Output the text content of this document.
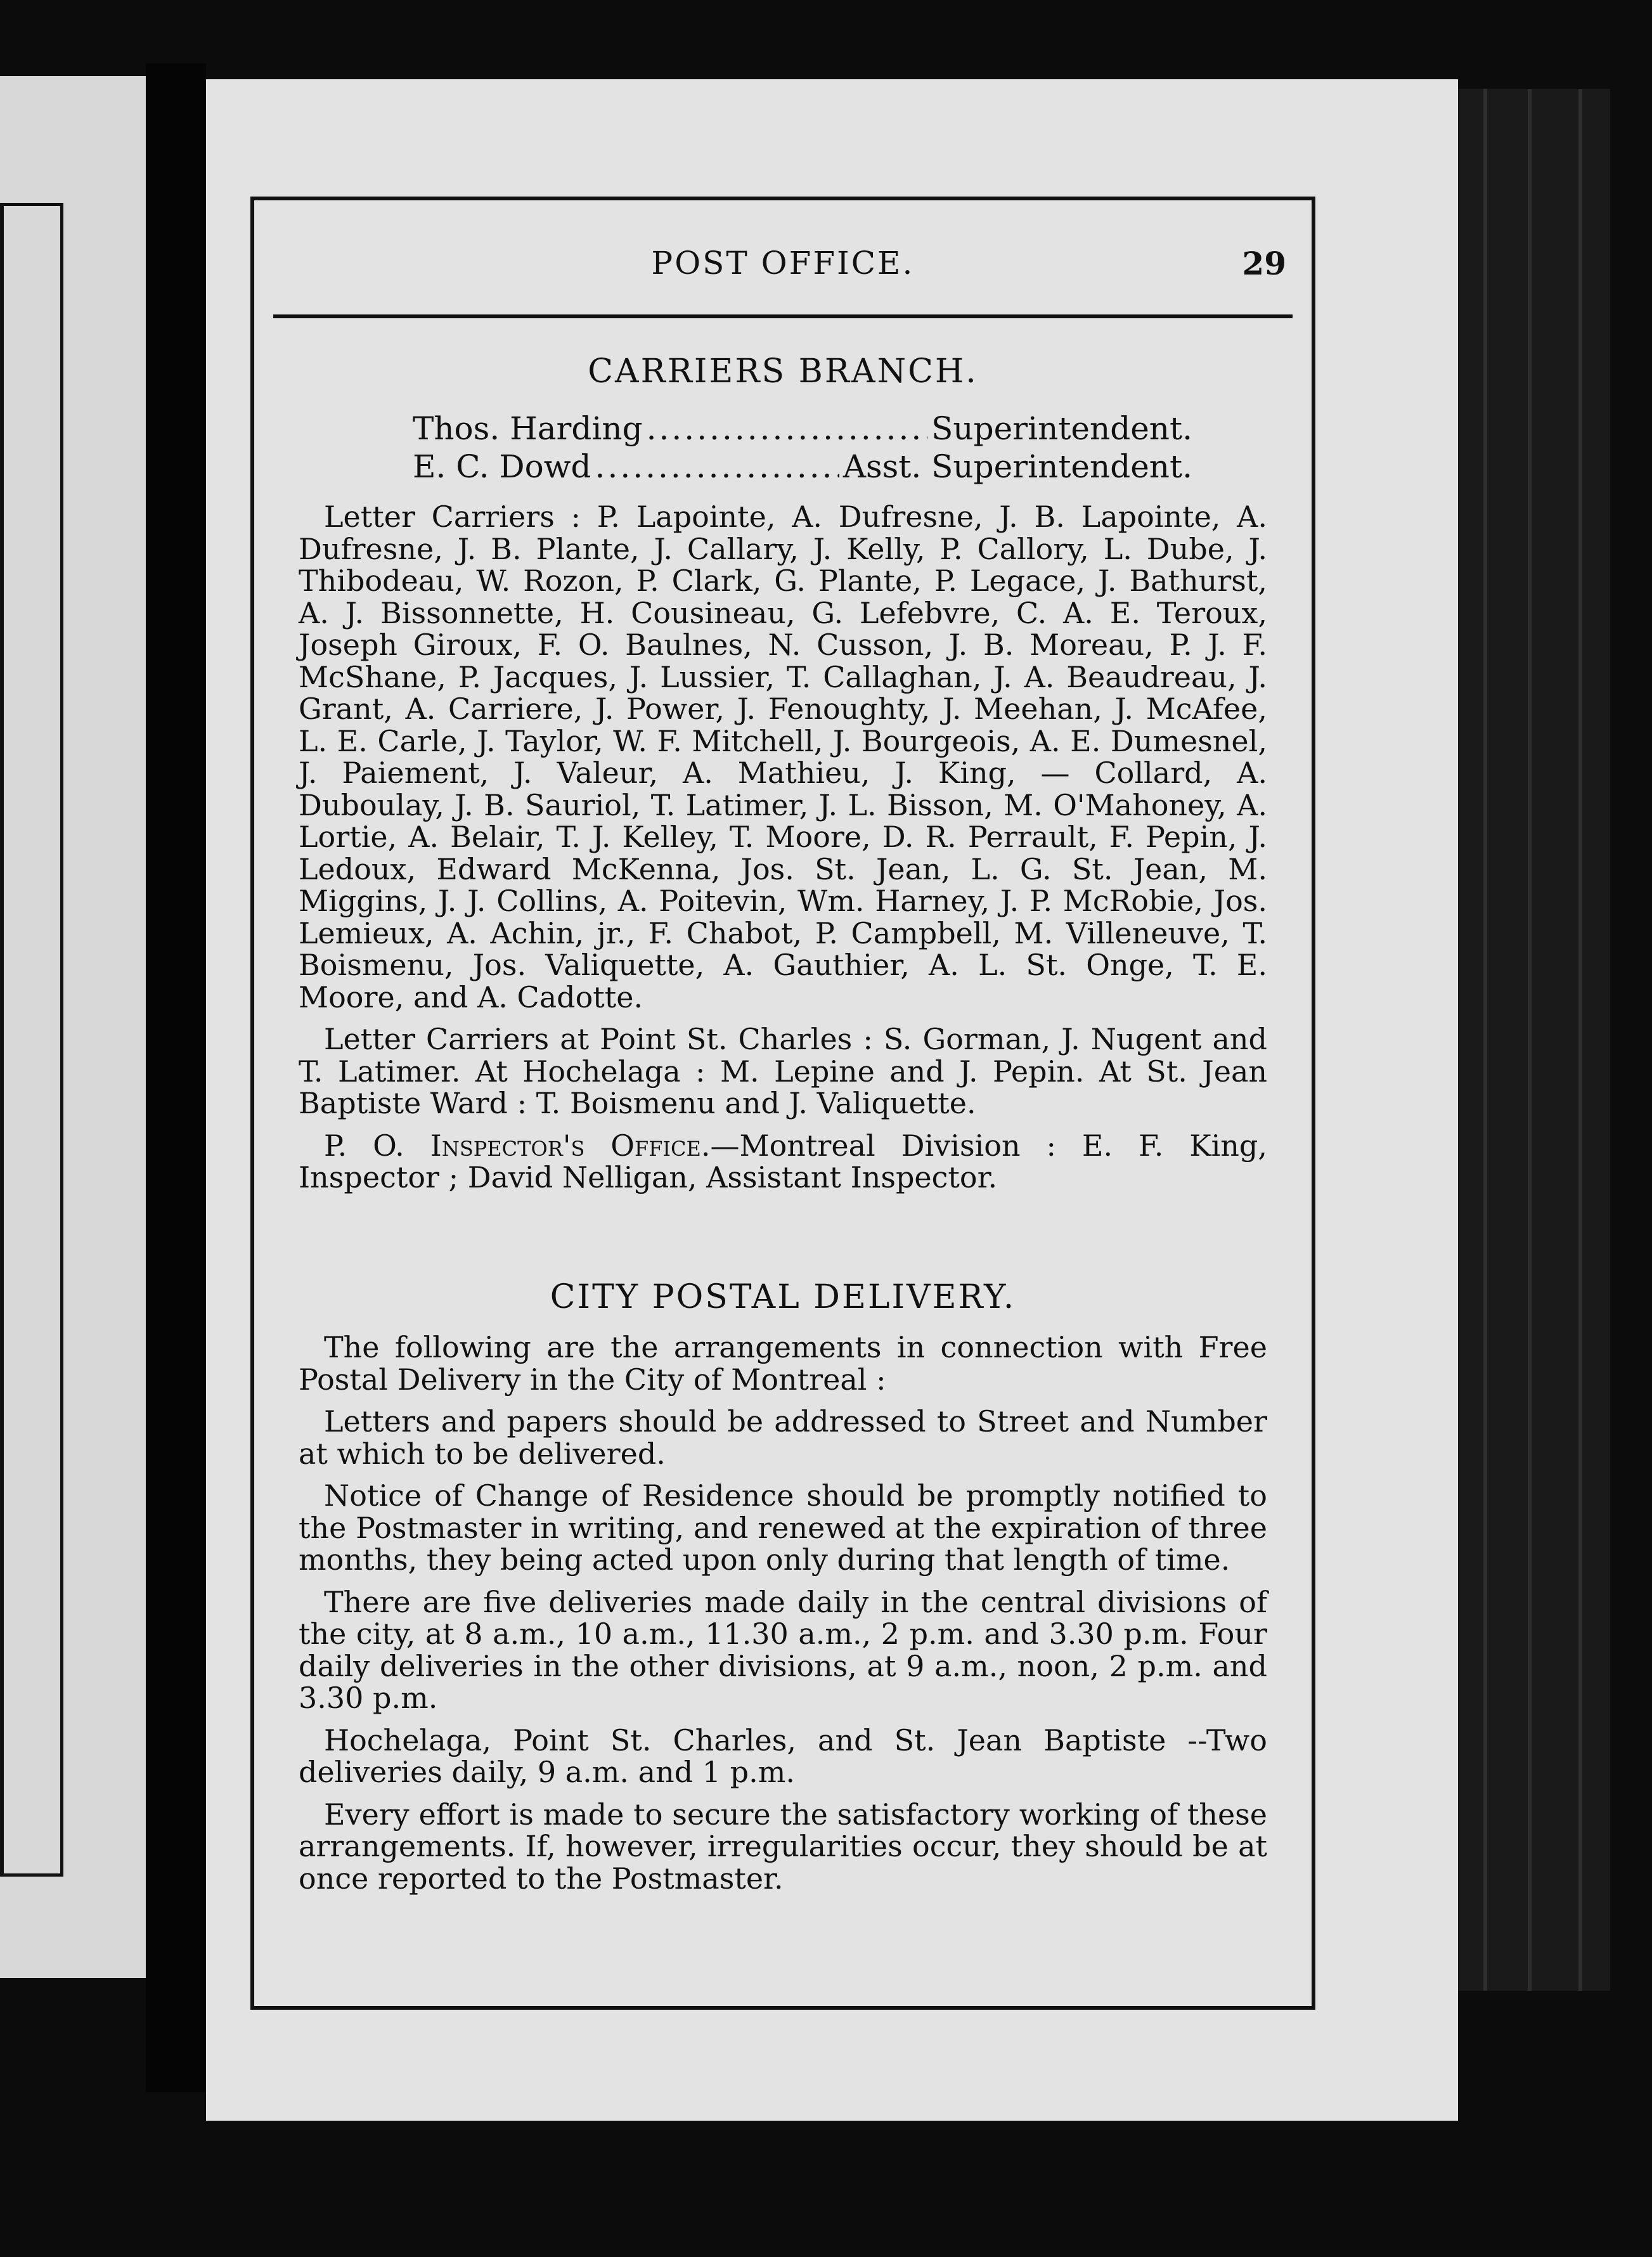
POST OFFICE.	29
CARRIERS BRANCH.
Thos. Harding .....	Superintendent.
E. C. Dowd .....	Asst. Superintendent.

Letter Carriers : P. Lapointe, A. Dufresne, J. B. Lapointe, A. Dufresne, J. B. Plante, J. Callary, J. Kelly, P. Callory, L. Dube, J. Thibodeau, W. Rozon, P. Clark, G. Plante, P. Legace, J. Bathurst, A. J. Bissonnette, H. Cousineau, G. Lefebvre, C. A. E. Teroux, Joseph Giroux, F. O. Baulnes, N. Cusson, J. B. Moreau, P. J. F. McShane, P. Jacques, J. Lussier, T. Callaghan, J. A. Beaudreau, J. Grant, A. Carriere, J. Power, J. Fenoughty, J. Meehan, J. McAfee, L. E. Carle, J. Taylor, W. F. Mitchell, J. Bourgeois, A. E. Dumesnel, J. Paiement, J. Valeur, A. Mathieu, J. King, — Collard, A. Duboulay, J. B. Sauriol, T. Latimer, J. L. Bisson, M. O'Mahoney, A. Lortie, A. Belair, T. J. Kelley, T. Moore, D. R. Perrault, F. Pepin, J. Ledoux, Edward McKenna, Jos. St. Jean, L. G. St. Jean, M. Miggins, J. J. Collins, A. Poitevin, Wm. Harney, J. P. McRobie, Jos. Lemieux, A. Achin, jr., F. Chabot, P. Campbell, M. Villeneuve, T. Boismenu, Jos. Valiquette, A. Gauthier, A. L. St. Onge, T. E. Moore, and A. Cadotte.

Letter Carriers at Point St. Charles : S. Gorman, J. Nugent and T. Latimer. At Hochelaga : M. Lepine and J. Pepin. At St. Jean Baptiste Ward : T. Boismenu and J. Valiquette.

P. O. Inspector's Office.—Montreal Division : E. F. King, Inspector ; David Nelligan, Assistant Inspector.

CITY POSTAL DELIVERY.

The following are the arrangements in connection with Free Postal Delivery in the City of Montreal :

Letters and papers should be addressed to Street and Number at which to be delivered.

Notice of Change of Residence should be promptly notified to the Postmaster in writing, and renewed at the expiration of three months, they being acted upon only during that length of time.

There are five deliveries made daily in the central divisions of the city, at 8 a.m., 10 a.m., 11.30 a.m., 2 p.m. and 3.30 p.m. Four daily deliveries in the other divisions, at 9 a.m., noon, 2 p.m. and 3.30 p.m.

Hochelaga, Point St. Charles, and St. Jean Baptiste --Two deliveries daily, 9 a.m. and 1 p.m.

Every effort is made to secure the satisfactory working of these arrangements. If, however, irregularities occur, they should be at once reported to the Postmaster.
